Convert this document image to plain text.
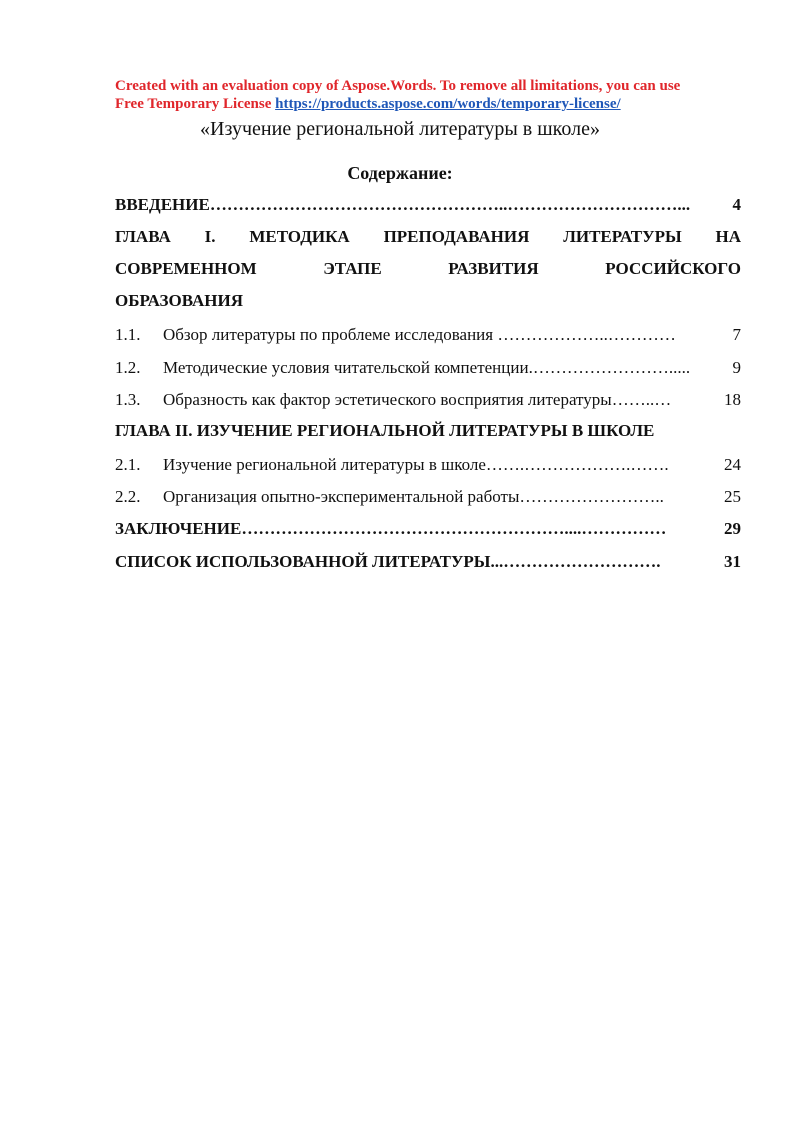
Created with an evaluation copy of Aspose.Words. To remove all limitations, you can use
Free Temporary License https://products.aspose.com/words/temporary-license/
«Изучение региональной литературы в школе»
Содержание:
ВВЕДЕНИЕ……………………………………………..…………………………... 4
ГЛАВА I. МЕТОДИКА ПРЕПОДАВАНИЯ ЛИТЕРАТУРЫ НА
СОВРЕМЕННОМ	ЭТАПЕ	РАЗВИТИЯ	РОССИЙСКОГО
ОБРАЗОВАНИЯ
1.1. Обзор литературы по проблеме исследования ………………..…………	7
1.2. Методические условия читательской компетенции.……………………..... 9
1.3. Образность как фактор эстетического восприятия литературы……..…	18
ГЛАВА II. ИЗУЧЕНИЕ РЕГИОНАЛЬНОЙ ЛИТЕРАТУРЫ В ШКОЛЕ
2.1. Изучение региональной литературы в школе…….……………….…….	24
2.2. Организация опытно-экспериментальной работы……………………..	25
ЗАКЛЮЧЕНИЕ…………………………………………………....……………	29
СПИСОК ИСПОЛЬЗОВАННОЙ ЛИТЕРАТУРЫ...……………………….	31
